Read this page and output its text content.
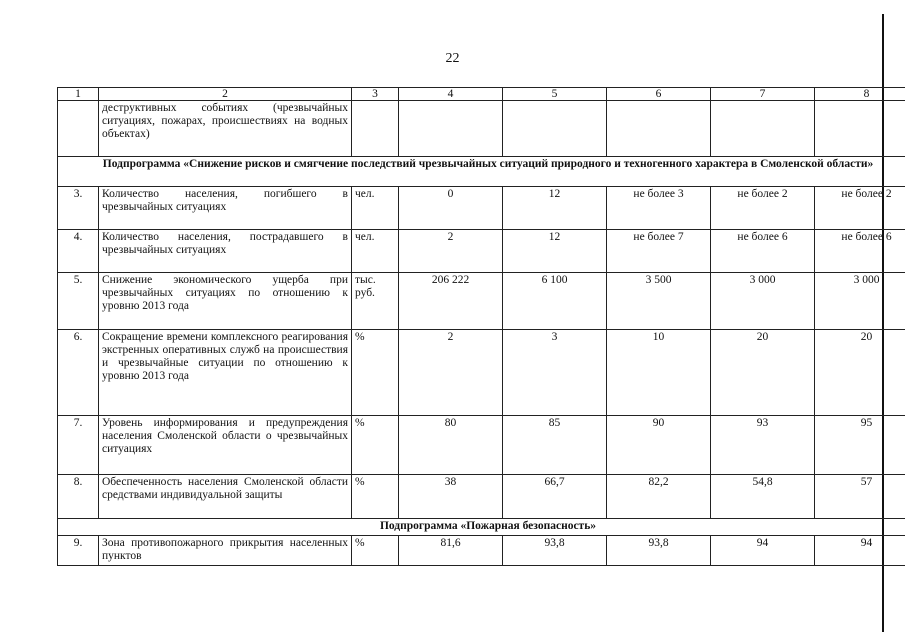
22
1	2	3	4	5	6	7	8
	деструктивных событиях (чрезвычайных ситуациях, пожарах, происшествиях на водных объектах)						
Подпрограмма «Снижение рисков и смягчение последствий чрезвычайных ситуаций природного и техногенного характера в Смоленской области»							
3.	Количество населения, погибшего в чрезвычайных ситуациях	чел.	0	12	не более 3	не более 2	не более 2
4.	Количество населения, пострадавшего в чрезвычайных ситуациях	чел.	2	12	не более 7	не более 6	не более 6
5.	Снижение экономического ущерба при чрезвычайных ситуациях по отношению к уровню 2013 года	тыс. руб.	206 222	6 100	3 500	3 000	3 000
6.	Сокращение времени комплексного реагирования экстренных оперативных служб на происшествия и чрезвычайные ситуации по отношению к уровню 2013 года	%	2	3	10	20	20
7.	Уровень информирования и предупреждения населения Смоленской области о чрезвычайных ситуациях	%	80	85	90	93	95
8.	Обеспеченность населения Смоленской области средствами индивидуальной защиты	%	38	66,7	82,2	54,8	57
Подпрограмма «Пожарная безопасность»							
9.	Зона противопожарного прикрытия населенных пунктов	%	81,6	93,8	93,8	94	94
